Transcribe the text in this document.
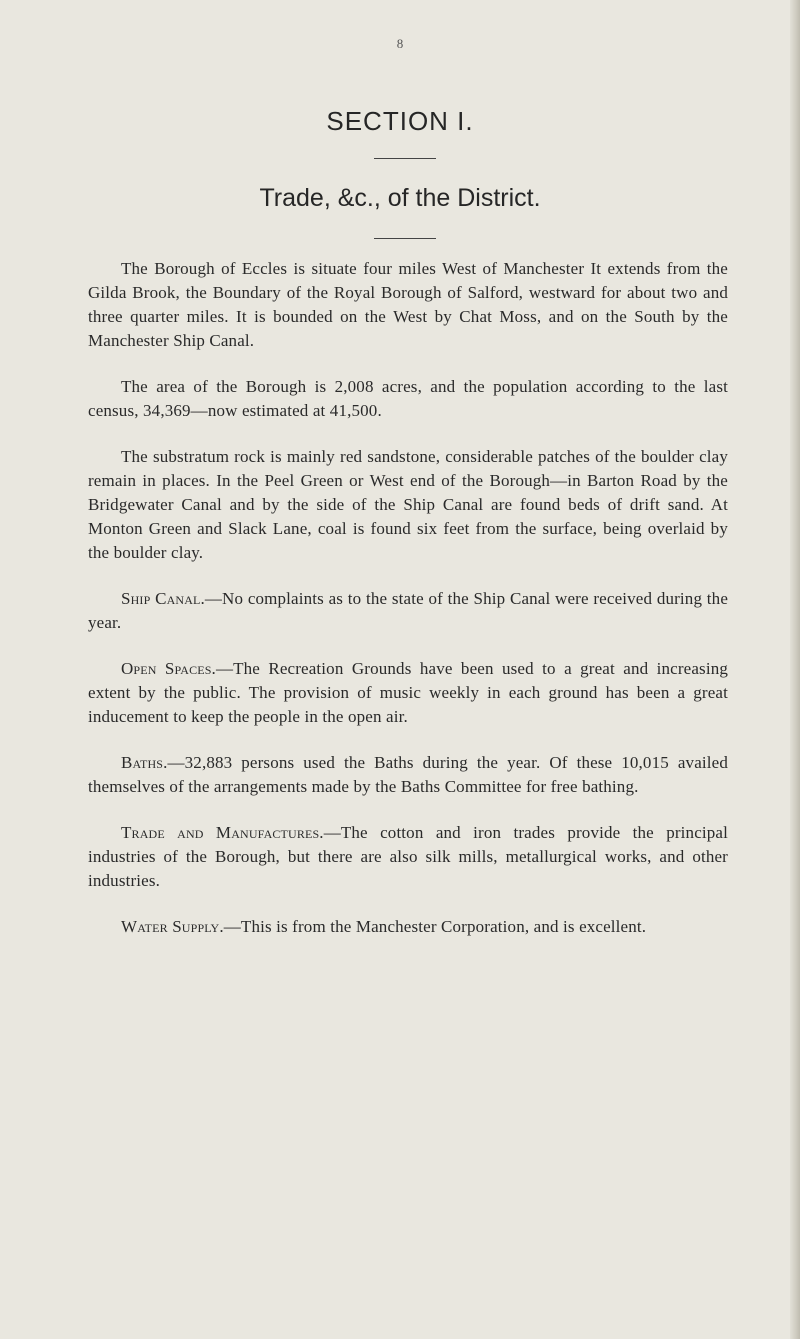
8
SECTION I.
Trade, &c., of the District.

The Borough of Eccles is situate four miles West of Manchester It extends from the Gilda Brook, the Boundary of the Royal Borough of Salford, westward for about two and three quarter miles. It is bounded on the West by Chat Moss, and on the South by the Manchester Ship Canal.

The area of the Borough is 2,008 acres, and the population according to the last census, 34,369—now estimated at 41,500.

The substratum rock is mainly red sandstone, considerable patches of the boulder clay remain in places. In the Peel Green or West end of the Borough—in Barton Road by the Bridgewater Canal and by the side of the Ship Canal are found beds of drift sand. At Monton Green and Slack Lane, coal is found six feet from the surface, being overlaid by the boulder clay.

Ship Canal.—No complaints as to the state of the Ship Canal were received during the year.

Open Spaces.—The Recreation Grounds have been used to a great and increasing extent by the public. The provision of music weekly in each ground has been a great inducement to keep the people in the open air.

Baths.—32,883 persons used the Baths during the year. Of these 10,015 availed themselves of the arrangements made by the Baths Committee for free bathing.

Trade and Manufactures.—The cotton and iron trades provide the principal industries of the Borough, but there are also silk mills, metallurgical works, and other industries.

Water Supply.—This is from the Manchester Corporation, and is excellent.
